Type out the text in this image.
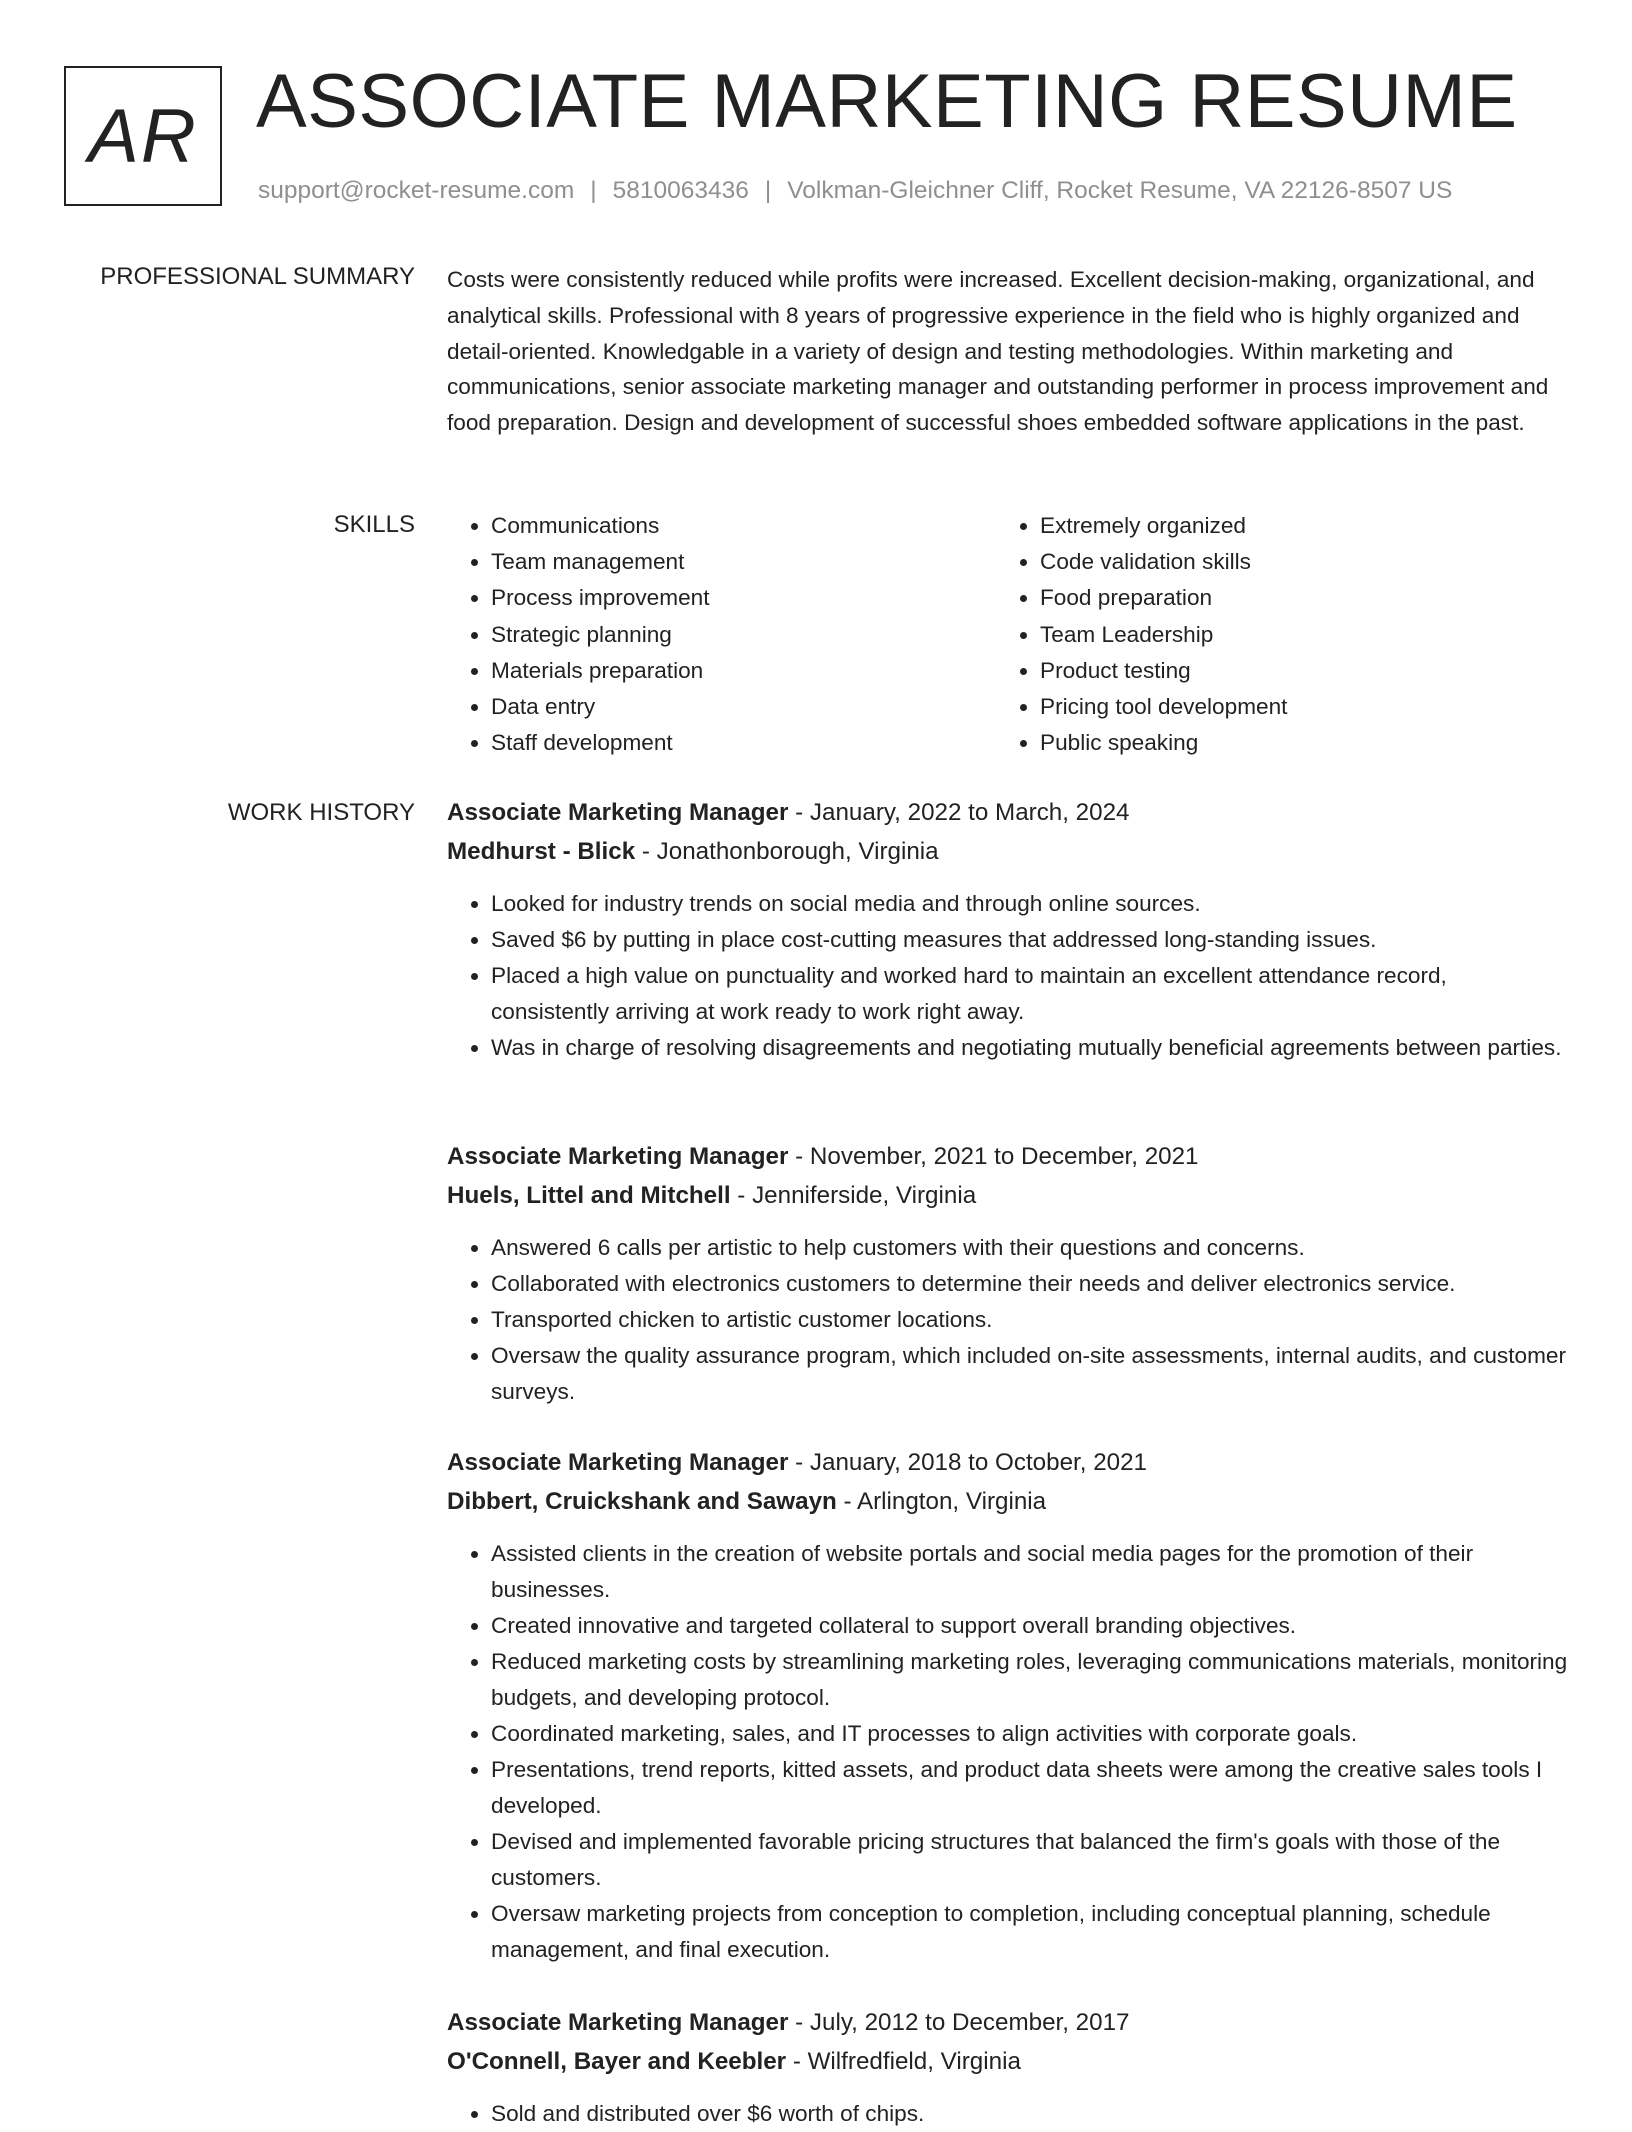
AR ASSOCIATE MARKETING RESUME
support@rocket-resume.com | 5810063436 | Volkman-Gleichner Cliff, Rocket Resume, VA 22126-8507 US
PROFESSIONAL SUMMARY Costs were consistently reduced while profits were increased. Excellent decision-making, organizational, and analytical skills. Professional with 8 years of progressive experience in the field who is highly organized and detail-oriented. Knowledgable in a variety of design and testing methodologies. Within marketing and communications, senior associate marketing manager and outstanding performer in process improvement and food preparation. Design and development of successful shoes embedded software applications in the past.

SKILLS
•	Communications
• Team management
• Process improvement
• Strategic planning
• Materials preparation
• Data entry
• Staff development
• Extremely organized
• Code validation skills
• Food preparation
• Team Leadership
• Product testing
• Pricing tool development
• Public speaking
WORK HISTORY Associate Marketing Manager - January, 2022 to March, 2024
Medhurst - Blick - Jonathonborough, Virginia
• Looked for industry trends on social media and through online sources.
• Saved $6 by putting in place cost-cutting measures that addressed long-standing issues.
• Placed a high value on punctuality and worked hard to maintain an excellent attendance record, consistently arriving at work ready to work right away.
• Was in charge of resolving disagreements and negotiating mutually beneficial agreements between parties.
Associate Marketing Manager - November, 2021 to December, 2021
Huels, Littel and Mitchell - Jenniferside, Virginia
• Answered 6 calls per artistic to help customers with their questions and concerns.
• Collaborated with electronics customers to determine their needs and deliver electronics service.
• Transported chicken to artistic customer locations.
• Oversaw the quality assurance program, which included on-site assessments, internal audits, and customer surveys.
Associate Marketing Manager - January, 2018 to October, 2021
Dibbert, Cruickshank and Sawayn - Arlington, Virginia
• Assisted clients in the creation of website portals and social media pages for the promotion of their businesses.
• Created innovative and targeted collateral to support overall branding objectives.
• Reduced marketing costs by streamlining marketing roles, leveraging communications materials, monitoring budgets, and developing protocol.
• Coordinated marketing, sales, and IT processes to align activities with corporate goals.
• Presentations, trend reports, kitted assets, and product data sheets were among the creative sales tools I developed.
• Devised and implemented favorable pricing structures that balanced the firm's goals with those of the customers.
• Oversaw marketing projects from conception to completion, including conceptual planning, schedule management, and final execution.
Associate Marketing Manager - July, 2012 to December, 2017
O'Connell, Bayer and Keebler - Wilfredfield, Virginia
• Sold and distributed over $6 worth of chips.
